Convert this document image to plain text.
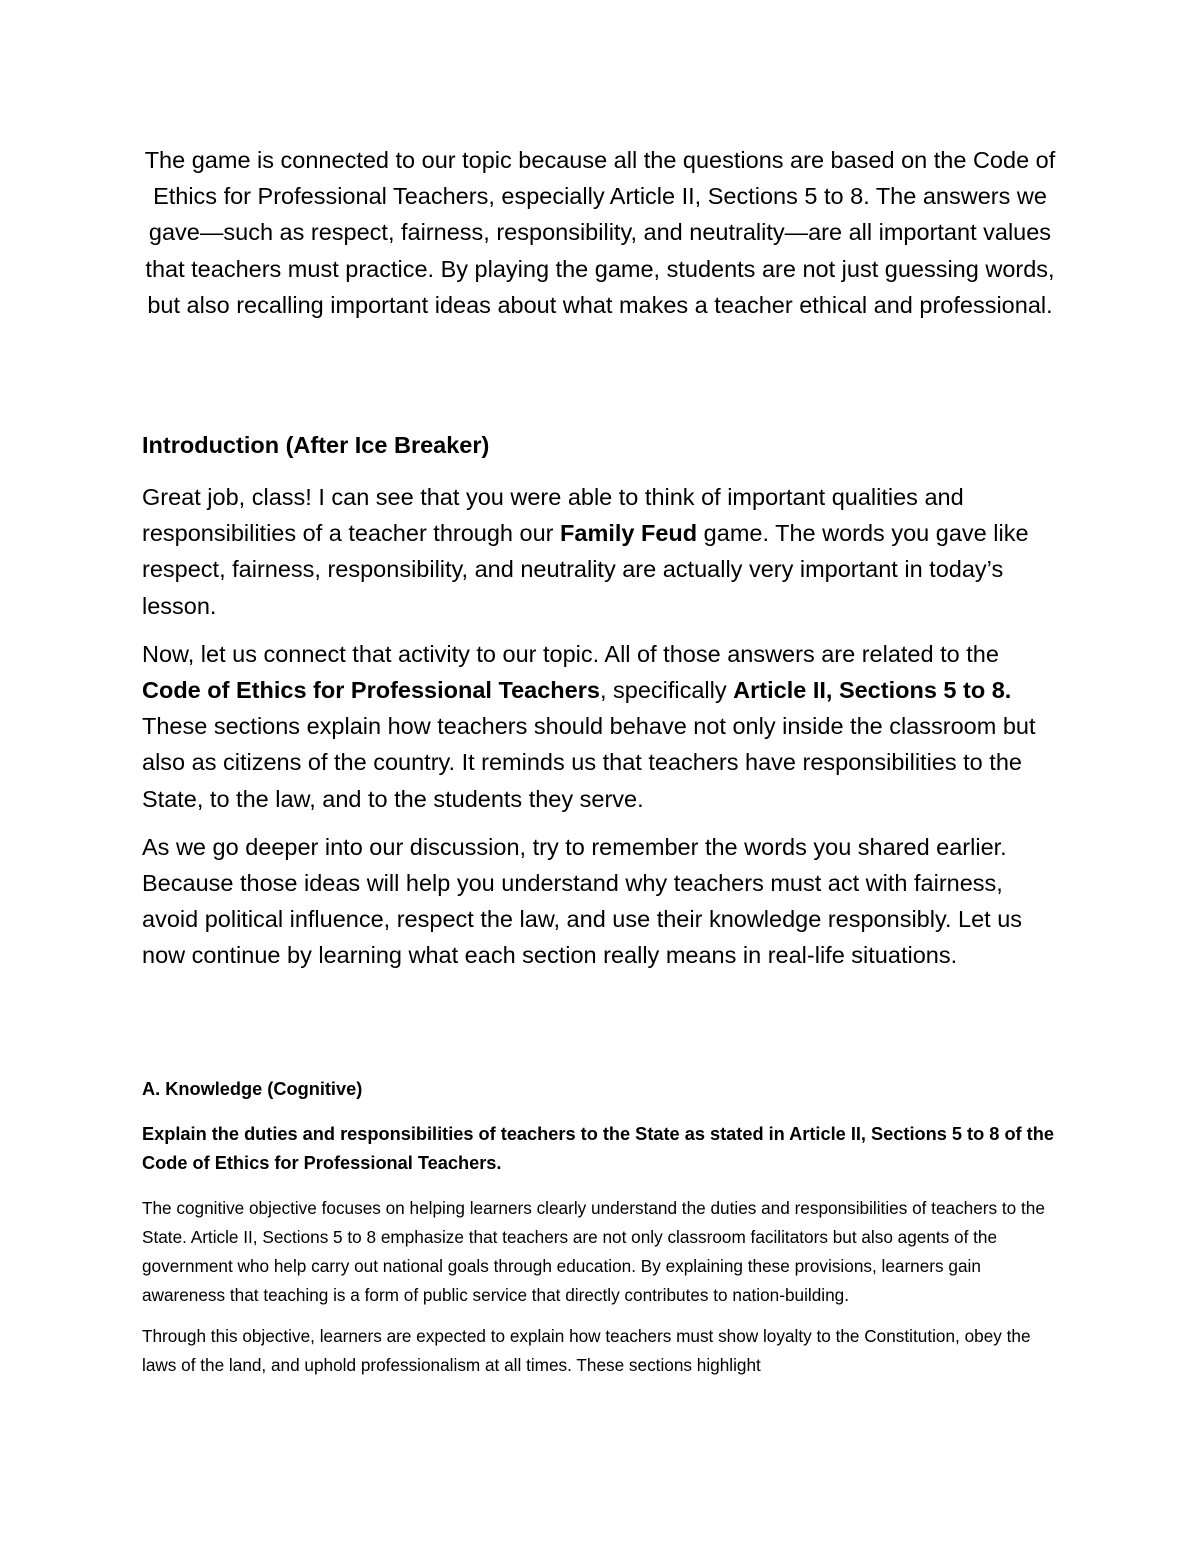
The game is connected to our topic because all the questions are based on the Code of Ethics for Professional Teachers, especially Article II, Sections 5 to 8. The answers we gave—such as respect, fairness, responsibility, and neutrality—are all important values that teachers must practice. By playing the game, students are not just guessing words, but also recalling important ideas about what makes a teacher ethical and professional.

Introduction (After Ice Breaker)

Great job, class! I can see that you were able to think of important qualities and responsibilities of a teacher through our Family Feud game. The words you gave like respect, fairness, responsibility, and neutrality are actually very important in today’s lesson.

Now, let us connect that activity to our topic. All of those answers are related to the Code of Ethics for Professional Teachers, specifically Article II, Sections 5 to 8. These sections explain how teachers should behave not only inside the classroom but also as citizens of the country. It reminds us that teachers have responsibilities to the State, to the law, and to the students they serve.

As we go deeper into our discussion, try to remember the words you shared earlier. Because those ideas will help you understand why teachers must act with fairness, avoid political influence, respect the law, and use their knowledge responsibly. Let us now continue by learning what each section really means in real-life situations.

A. Knowledge (Cognitive)

Explain the duties and responsibilities of teachers to the State as stated in Article II, Sections 5 to 8 of the Code of Ethics for Professional Teachers.

The cognitive objective focuses on helping learners clearly understand the duties and responsibilities of teachers to the State. Article II, Sections 5 to 8 emphasize that teachers are not only classroom facilitators but also agents of the government who help carry out national goals through education. By explaining these provisions, learners gain awareness that teaching is a form of public service that directly contributes to nation-building.

Through this objective, learners are expected to explain how teachers must show loyalty to the Constitution, obey the laws of the land, and uphold professionalism at all times. These sections highlight
